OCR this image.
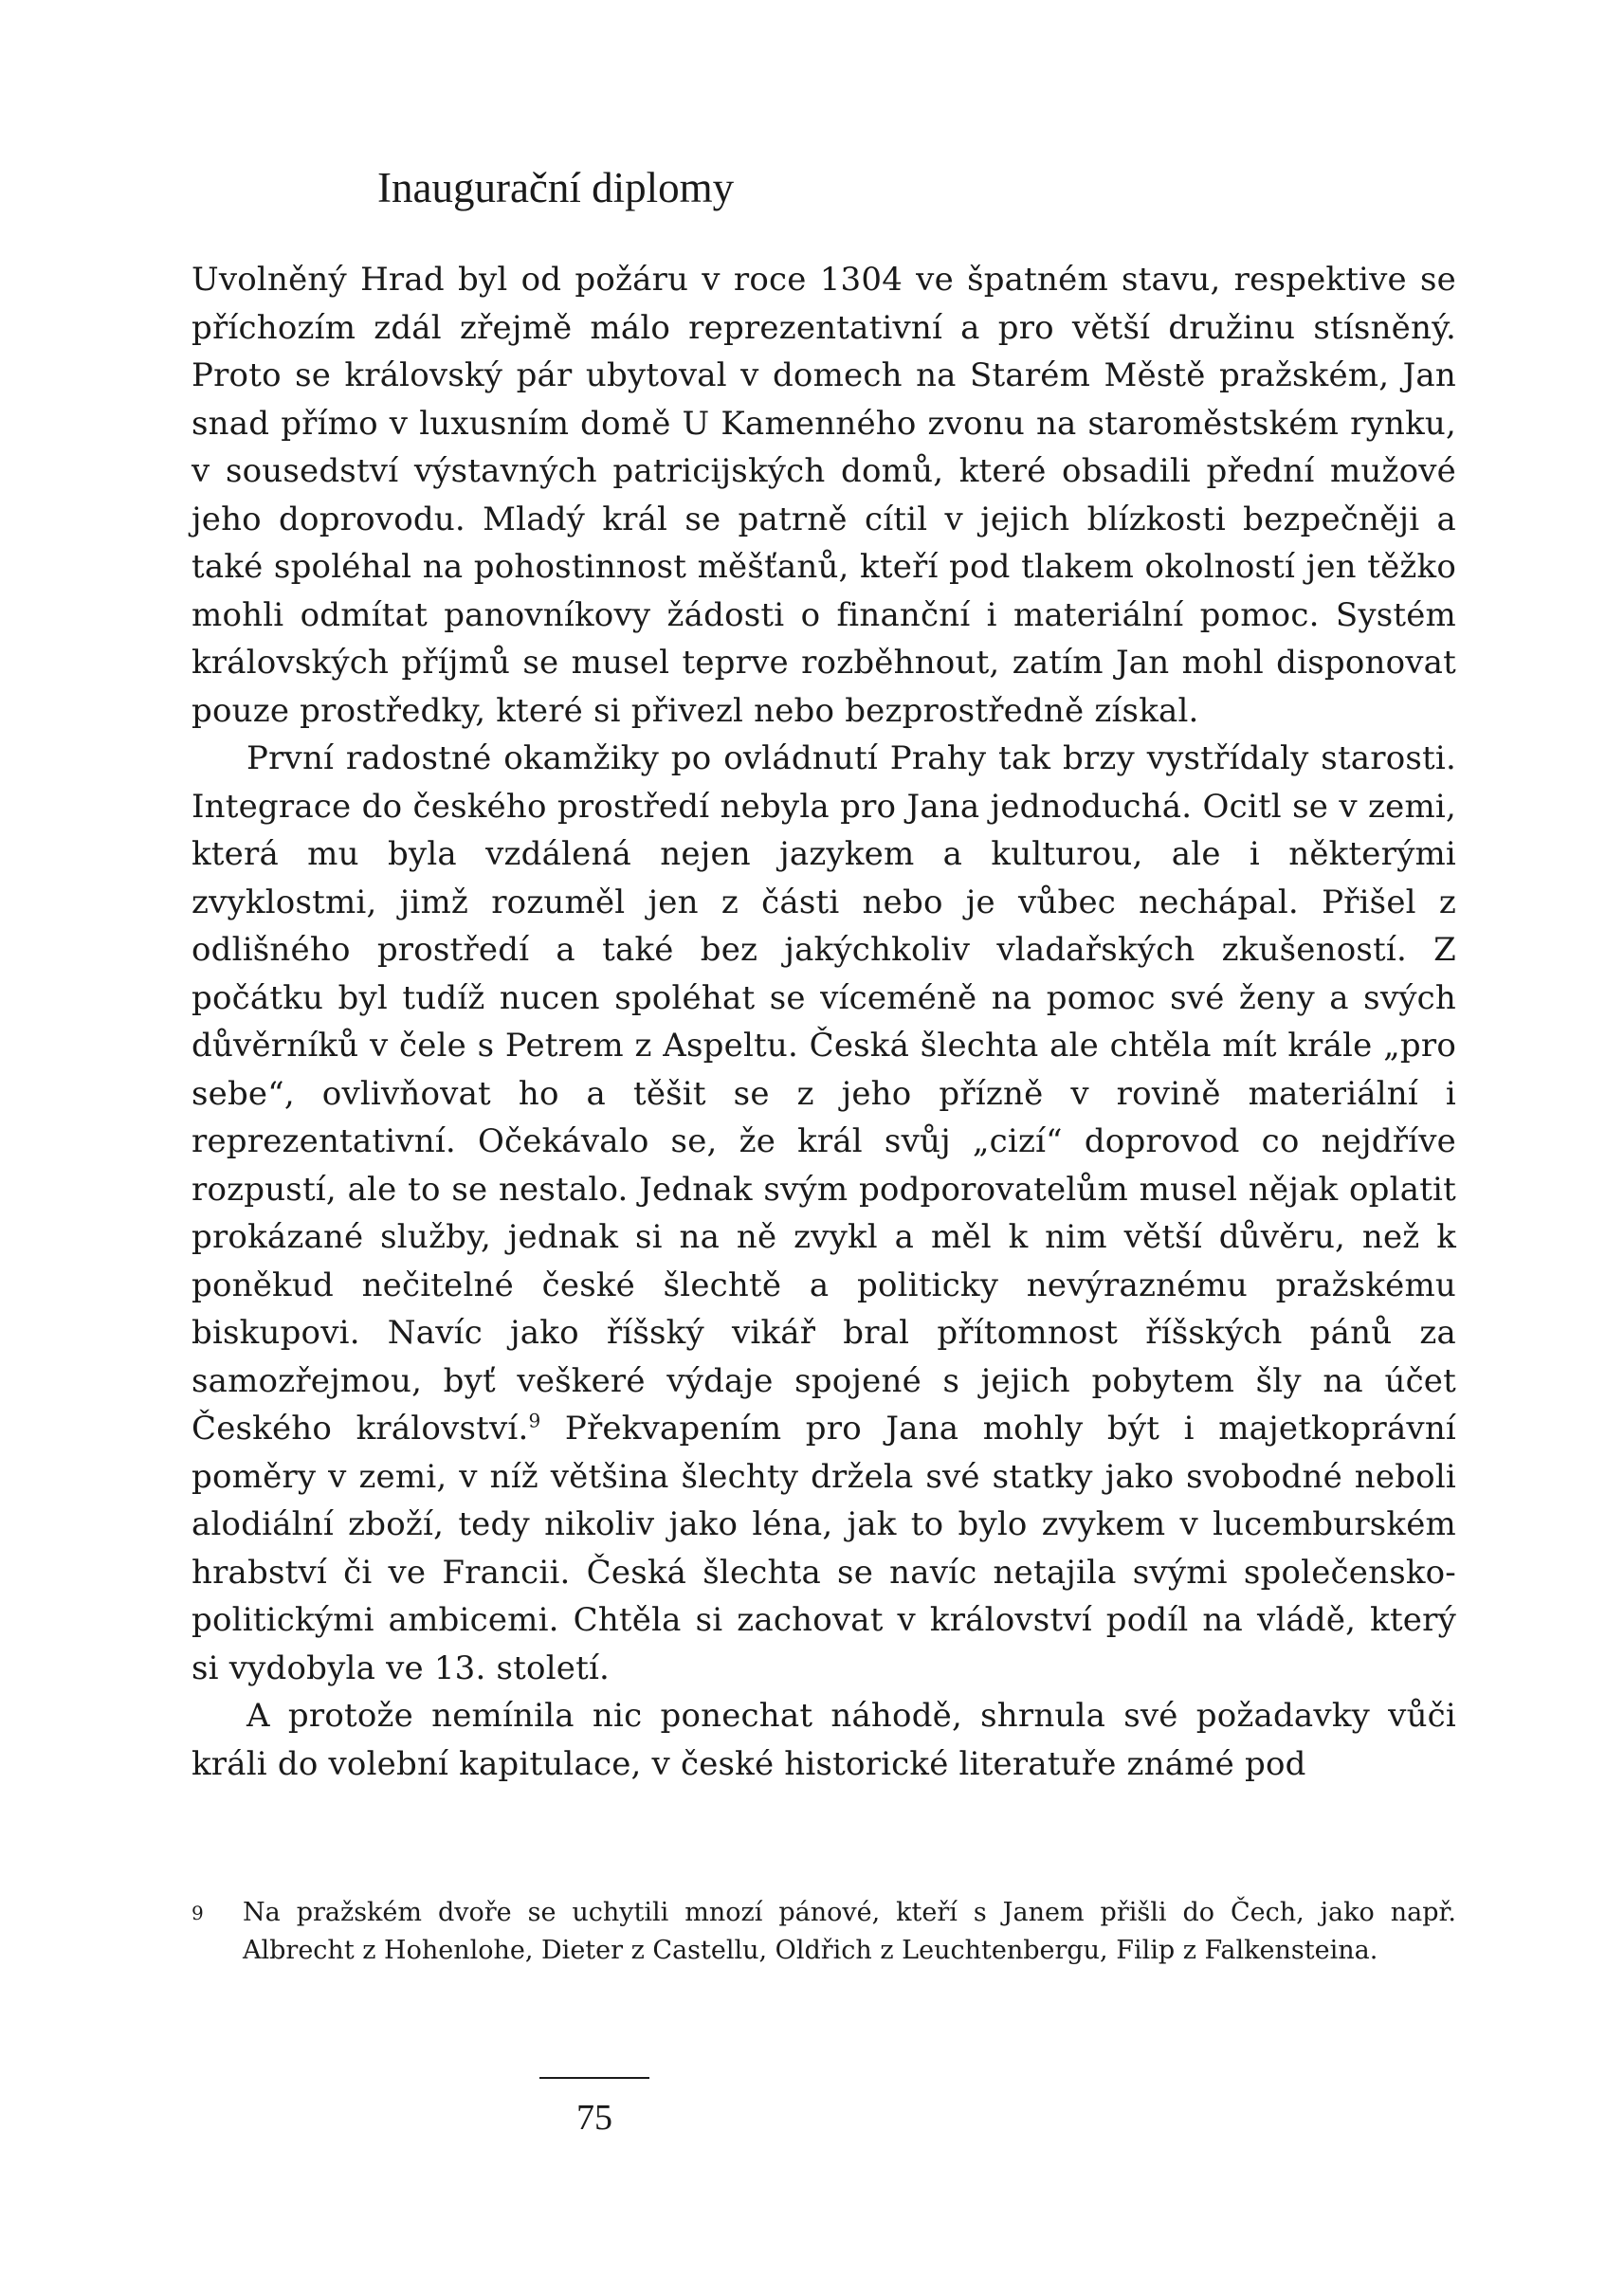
Inaugurační diplomy

Uvolněný Hrad byl od požáru v roce 1304 ve špatném stavu, respektive se příchozím zdál zřejmě málo reprezentativní a pro větší družinu stísněný. Proto se královský pár ubytoval v domech na Starém Městě pražském, Jan snad přímo v luxusním domě U Kamenného zvonu na staroměstském rynku, v sousedství výstavných patricijských domů, které obsadili přední mužové jeho doprovodu. Mladý král se patrně cítil v jejich blízkosti bezpečněji a také spoléhal na pohostinnost měšťanů, kteří pod tlakem okolností jen těžko mohli odmítat panovníkovy žádosti o finanční i materiální pomoc. Systém královských příjmů se musel teprve rozběhnout, zatím Jan mohl disponovat pouze prostředky, které si přivezl nebo bezprostředně získal.

První radostné okamžiky po ovládnutí Prahy tak brzy vystřídaly starosti. Integrace do českého prostředí nebyla pro Jana jednoduchá. Ocitl se v zemi, která mu byla vzdálená nejen jazykem a kulturou, ale i některými zvyklostmi, jimž rozuměl jen z části nebo je vůbec nechápal. Přišel z odlišného prostředí a také bez jakýchkoliv vladařských zkušeností. Z počátku byl tudíž nucen spoléhat se víceméně na pomoc své ženy a svých důvěrníků v čele s Petrem z Aspeltu. Česká šlechta ale chtěla mít krále „pro sebe“, ovlivňovat ho a těšit se z jeho přízně v rovině materiální i reprezentativní. Očekávalo se, že král svůj „cizí“ doprovod co nejdříve rozpustí, ale to se nestalo. Jednak svým podporovatelům musel nějak oplatit prokázané služby, jednak si na ně zvykl a měl k nim větší důvěru, než k poněkud nečitelné české šlechtě a politicky nevýraznému pražskému biskupovi. Navíc jako říšský vikář bral přítomnost říšských pánů za samozřejmou, byť veškeré výdaje spojené s jejich pobytem šly na účet Českého království.$^9$ Překvapením pro Jana mohly být i majetkoprávní poměry v zemi, v níž většina šlechty držela své statky jako svobodné neboli alodiální zboží, tedy nikoliv jako léna, jak to bylo zvykem v lucemburském hrabství či ve Francii. Česká šlechta se navíc netajila svými společensko-politickými ambicemi. Chtěla si zachovat v království podíl na vládě, který si vydobyla ve 13. století.

A protože nemínila nic ponechat náhodě, shrnula své požadavky vůči králi do volební kapitulace, v české historické literatuře známé pod

9	Na pražském dvoře se uchytili mnozí pánové, kteří s Janem přišli do Čech, jako např. Albrecht z Hohenlohe, Dieter z Castellu, Oldřich z Leuchtenbergu, Filip z Falkensteina.
75
